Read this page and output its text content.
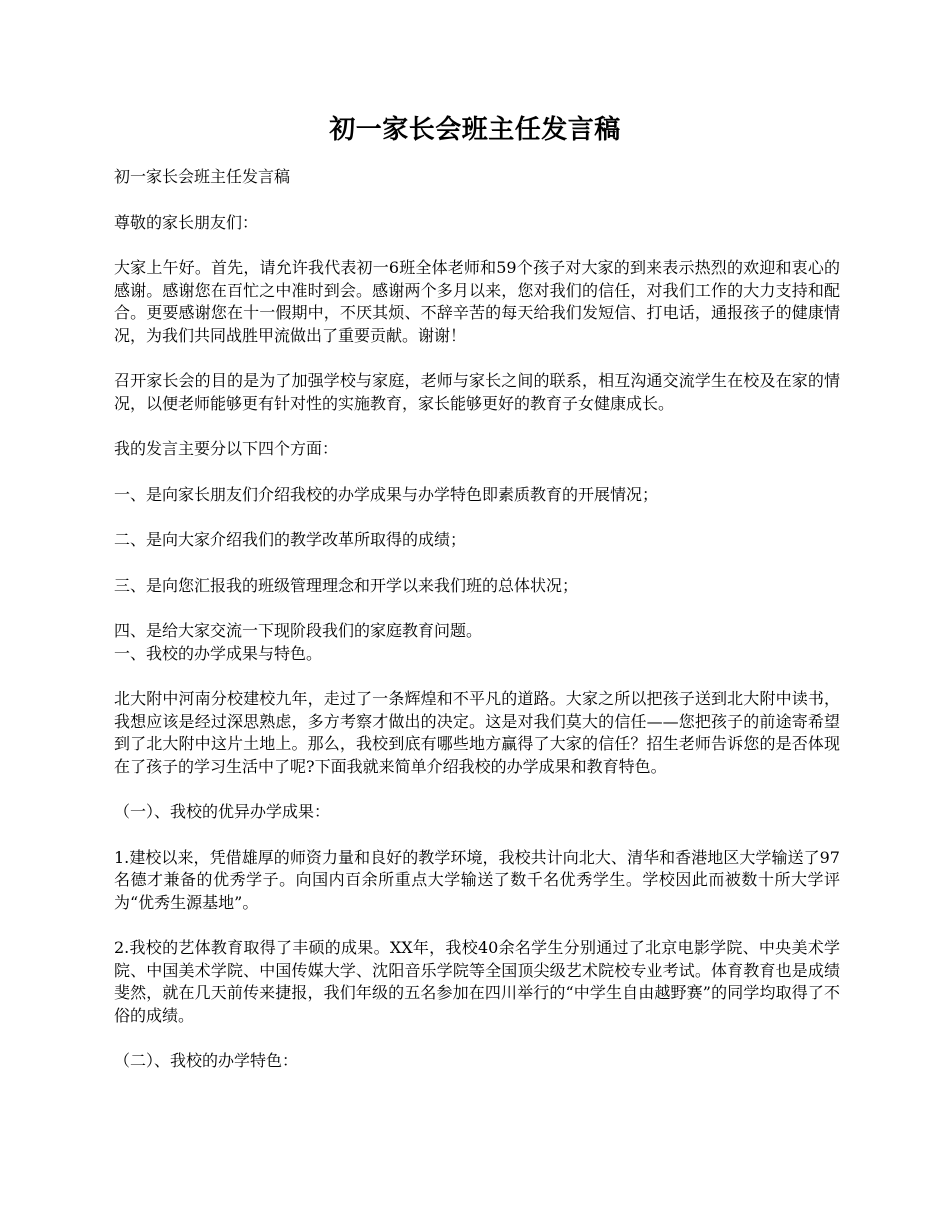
初一家长会班主任发言稿

初一家长会班主任发言稿

尊敬的家长朋友们：

大家上午好。首先，请允许我代表初一6班全体老师和59个孩子对大家的到来表示热烈的欢迎和衷心的感谢。感谢您在百忙之中准时到会。感谢两个多月以来，您对我们的信任，对我们工作的大力支持和配合。更要感谢您在十一假期中，不厌其烦、不辞辛苦的每天给我们发短信、打电话，通报孩子的健康情况，为我们共同战胜甲流做出了重要贡献。谢谢！

召开家长会的目的是为了加强学校与家庭，老师与家长之间的联系，相互沟通交流学生在校及在家的情况，以便老师能够更有针对性的实施教育，家长能够更好的教育子女健康成长。

我的发言主要分以下四个方面：

一、是向家长朋友们介绍我校的办学成果与办学特色即素质教育的开展情况；

二、是向大家介绍我们的教学改革所取得的成绩；

三、是向您汇报我的班级管理理念和开学以来我们班的总体状况；

四、是给大家交流一下现阶段我们的家庭教育问题。

一、我校的办学成果与特色。

北大附中河南分校建校九年，走过了一条辉煌和不平凡的道路。大家之所以把孩子送到北大附中读书，我想应该是经过深思熟虑，多方考察才做出的决定。这是对我们莫大的信任——您把孩子的前途寄希望到了北大附中这片土地上。那么，我校到底有哪些地方赢得了大家的信任？招生老师告诉您的是否体现在了孩子的学习生活中了呢?下面我就来简单介绍我校的办学成果和教育特色。

（一）、我校的优异办学成果：

1.建校以来，凭借雄厚的师资力量和良好的教学环境，我校共计向北大、清华和香港地区大学输送了97名德才兼备的优秀学子。向国内百余所重点大学输送了数千名优秀学生。学校因此而被数十所大学评为“优秀生源基地”。

2.我校的艺体教育取得了丰硕的成果。XX年，我校40余名学生分别通过了北京电影学院、中央美术学院、中国美术学院、中国传媒大学、沈阳音乐学院等全国顶尖级艺术院校专业考试。体育教育也是成绩斐然，就在几天前传来捷报，我们年级的五名参加在四川举行的“中学生自由越野赛”的同学均取得了不俗的成绩。

（二）、我校的办学特色：
